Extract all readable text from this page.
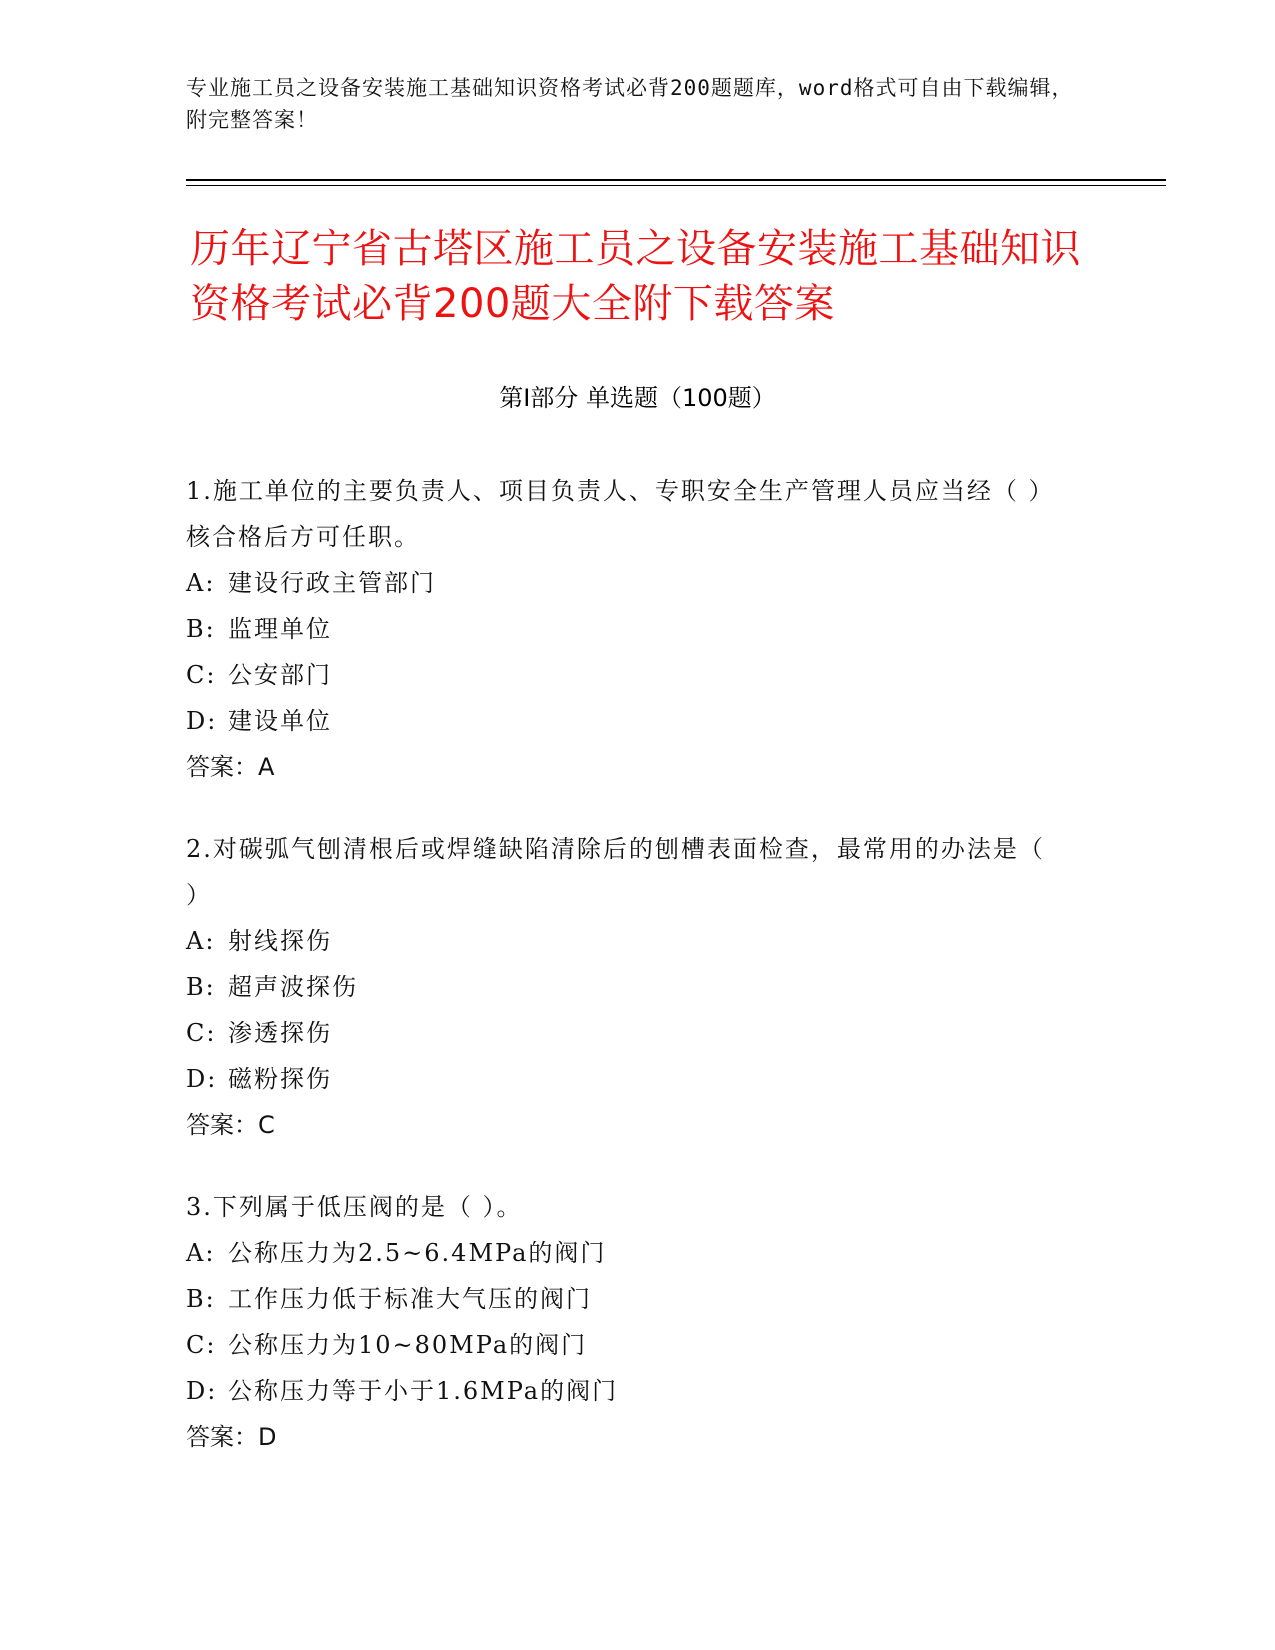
专业施工员之设备安装施工基础知识资格考试必背200题题库，word格式可自由下载编辑，附完整答案！
历年辽宁省古塔区施工员之设备安装施工基础知识资格考试必背200题大全附下载答案
第Ⅰ部分 单选题（100题）
1.施工单位的主要负责人、项目负责人、专职安全生产管理人员应当经（ ）核合格后方可任职。
A: 建设行政主管部门
B: 监理单位
C: 公安部门
D: 建设单位
答案：A
2.对碳弧气刨清根后或焊缝缺陷清除后的刨槽表面检查，最常用的办法是（ ）
A: 射线探伤
B: 超声波探伤
C: 渗透探伤
D: 磁粉探伤
答案：C
3.下列属于低压阀的是（ ）。
A: 公称压力为2.5~6.4MPa的阀门
B: 工作压力低于标准大气压的阀门
C: 公称压力为10~80MPa的阀门
D: 公称压力等于小于1.6MPa的阀门
答案：D
